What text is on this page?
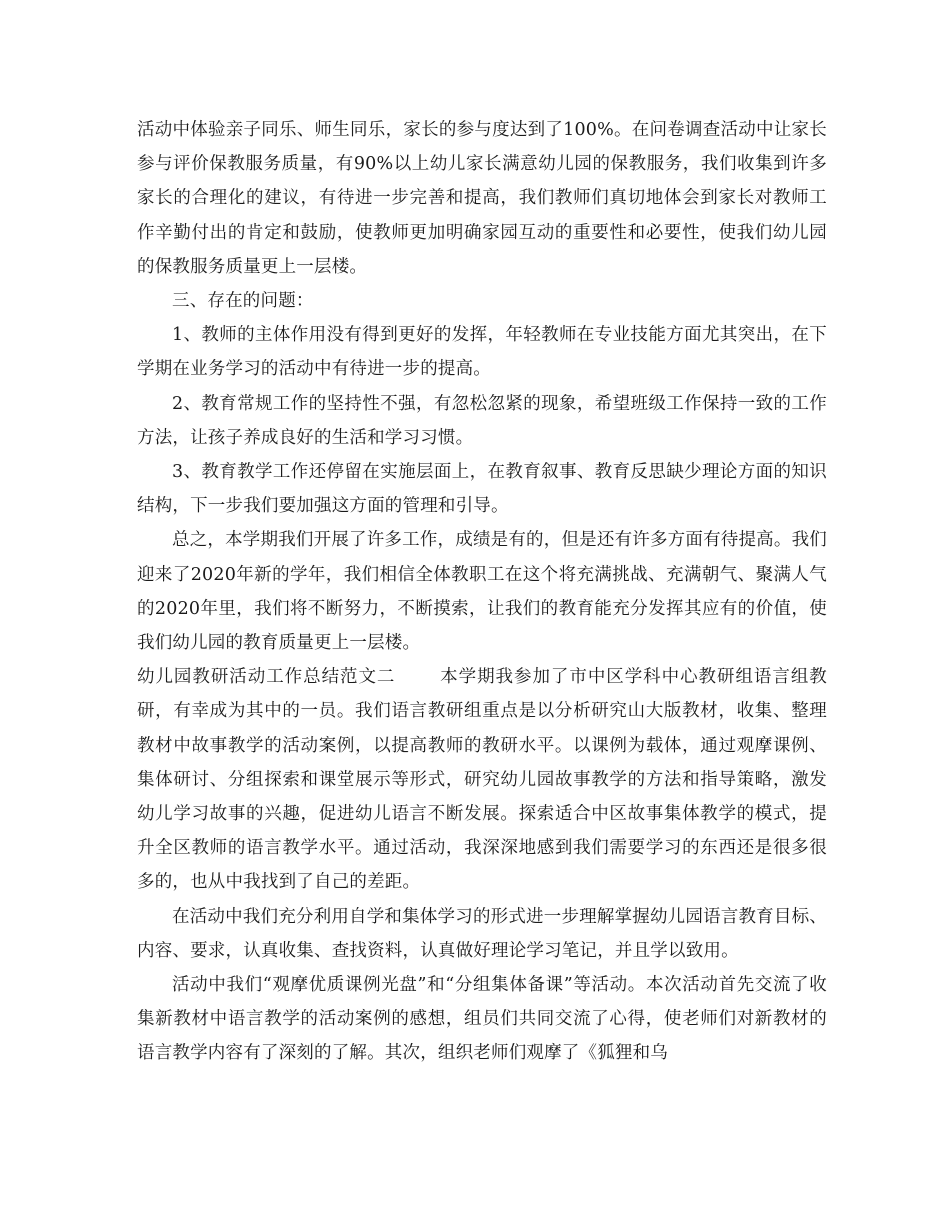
活动中体验亲子同乐、师生同乐，家长的参与度达到了100%。在问卷调查活动中让家长参与评价保教服务质量，有90%以上幼儿家长满意幼儿园的保教服务，我们收集到许多家长的合理化的建议，有待进一步完善和提高，我们教师们真切地体会到家长对教师工作辛勤付出的肯定和鼓励，使教师更加明确家园互动的重要性和必要性，使我们幼儿园的保教服务质量更上一层楼。

三、存在的问题：

1、教师的主体作用没有得到更好的发挥，年轻教师在专业技能方面尤其突出，在下学期在业务学习的活动中有待进一步的提高。

2、教育常规工作的坚持性不强，有忽松忽紧的现象，希望班级工作保持一致的工作方法，让孩子养成良好的生活和学习习惯。

3、教育教学工作还停留在实施层面上，在教育叙事、教育反思缺少理论方面的知识结构，下一步我们要加强这方面的管理和引导。

总之，本学期我们开展了许多工作，成绩是有的，但是还有许多方面有待提高。我们迎来了2020年新的学年，我们相信全体教职工在这个将充满挑战、充满朝气、聚满人气的2020年里，我们将不断努力，不断摸索，让我们的教育能充分发挥其应有的价值，使我们幼儿园的教育质量更上一层楼。

幼儿园教研活动工作总结范文二	本学期我参加了市中区学科中心教研组语言组教研，有幸成为其中的一员。我们语言教研组重点是以分析研究山大版教材，收集、整理教材中故事教学的活动案例，以提高教师的教研水平。以课例为载体，通过观摩课例、集体研讨、分组探索和课堂展示等形式，研究幼儿园故事教学的方法和指导策略，激发幼儿学习故事的兴趣，促进幼儿语言不断发展。探索适合中区故事集体教学的模式，提升全区教师的语言教学水平。通过活动，我深深地感到我们需要学习的东西还是很多很多的，也从中我找到了自己的差距。

在活动中我们充分利用自学和集体学习的形式进一步理解掌握幼儿园语言教育目标、内容、要求，认真收集、查找资料，认真做好理论学习笔记，并且学以致用。

活动中我们“观摩优质课例光盘”和“分组集体备课”等活动。本次活动首先交流了收集新教材中语言教学的活动案例的感想，组员们共同交流了心得，使老师们对新教材的语言教学内容有了深刻的了解。其次，组织老师们观摩了《狐狸和乌
